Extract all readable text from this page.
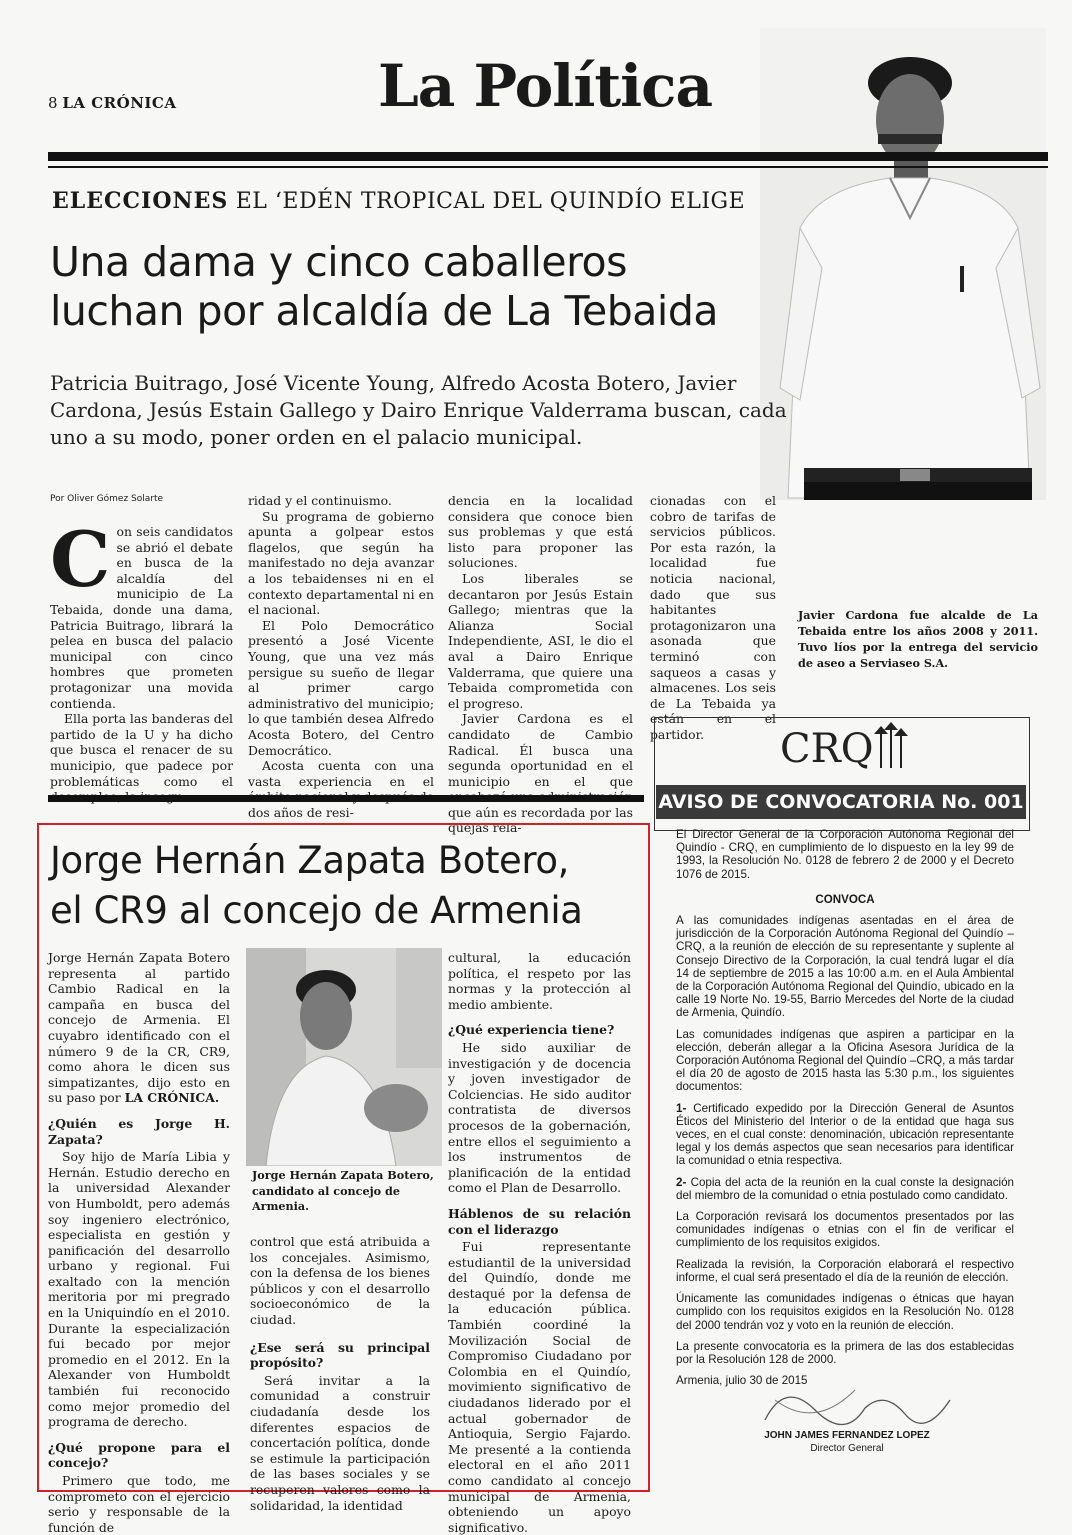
8 LA CRÓNICA	La Política
ELECCIONES EL ‘EDÉN TROPICAL DEL QUINDÍO ELIGE
Una dama y cinco caballeros
luchan por alcaldía de La Tebaida
Patricia Buitrago, José Vicente Young, Alfredo Acosta Botero, Javier Cardona, Jesús Estain Gallego y Dairo Enrique Valderrama buscan, cada uno a su modo, poner orden en el palacio municipal.
Por Oliver Gómez Solarte

Con seis candidatos se abrió el debate en busca de la alcaldía del municipio de La Tebaida, donde una dama, Patricia Buitrago, librará la pelea en busca del palacio municipal con cinco hombres que prometen protagonizar una movida contienda.

Ella porta las banderas del partido de la U y ha dicho que busca el renacer de su municipio, que padece por problemáticas como el

ridad y el continuismo.

Su programa de gobierno apunta a golpear estos flagelos, que según ha manifestado no deja avanzar a los tebaidenses ni en el contexto departamental ni en el nacional.

El Polo Democrático presentó a José Vicente Young, que una vez más persigue su sueño de llegar al primer cargo administrativo del municipio; lo que también desea Alfredo Acosta Botero, del Centro Democrático.

Acosta cuenta con una vasta experiencia en el dos años de resi-

dencia en la localidad considera que conoce bien sus problemas y que está listo para proponer las soluciones.

Los liberales se decantaron por Jesús Estain Gallego; mientras que la Alianza Social Independiente, ASI, le dio el aval a Dairo Enrique Valderrama, que quiere una Tebaida comprometida con el progreso.

Javier Cardona es el candidato de Cambio Radical. Él busca una segunda oportunidad en el municipio en el que que aún es recordada por las quejas rela-

cionadas con el cobro de tarifas de servicios públicos. Por esta razón, la localidad fue noticia nacional, dado que sus habitantes protagonizaron una asonada que terminó con saqueos a casas y almacenes. Los seis de La Tebaida ya están en el partidor.

Javier Cardona fue alcalde de La Tebaida entre los años 2008 y 2011. Tuvo líos por la entrega del servicio de aseo a Serviaseo S.A.
Jorge Hernán Zapata Botero,
el CR9 al concejo de Armenia

Jorge Hernán Zapata Botero representa al partido Cambio Radical en la campaña en busca del concejo de Armenia. El cuyabro identificado con el número 9 de la CR, CR9, como ahora le dicen sus simpatizantes, dijo esto en su paso por LA CRÓNICA.

¿Quién es Jorge H. Zapata?

Soy hijo de María Libia y Hernán. Estudio derecho en la universidad Alexander von Humboldt, pero además soy ingeniero electrónico, especialista en gestión y panificación del desarrollo urbano y regional. Fui exaltado con la mención meritoria por mi pregrado en la Uniquindío en el 2010. Durante la especialización fui becado por mejor promedio en el 2012. En la Alexander von Humboldt también fui reconocido como mejor promedio del programa de derecho.

¿Qué propone para el concejo?

Primero que todo, me comprometo con el ejercicio serio y responsable de la función de

Jorge Hernán Zapata Botero, candidato al concejo de Armenia.

control que está atribuida a los concejales. Asimismo, con la defensa de los bienes públicos y con el desarrollo socioeconómico de la ciudad.

¿Ese será su principal propósito?

Será invitar a la comunidad a construir ciudadanía desde los diferentes espacios de concertación política, donde se estimule la participación de las bases sociales y se recuperen valores como la solidaridad, la identidad

cultural, la educación política, el respeto por las normas y la protección al medio ambiente.

¿Qué experiencia tiene?

He sido auxiliar de investigación y de docencia y joven investigador de Colciencias. He sido auditor contratista de diversos procesos de la gobernación, entre ellos el seguimiento a los instrumentos de planificación de la entidad como el Plan de Desarrollo.

Háblenos de su relación con el liderazgo

Fui representante estudiantil de la universidad del Quindío, donde me destaqué por la defensa de la educación pública. También coordiné la Movilización Social de Compromiso Ciudadano por Colombia en el Quindío, movimiento significativo de ciudadanos liderado por el actual gobernador de Antioquia, Sergio Fajardo. Me presenté a la contienda electoral en el año 2011 como candidato al concejo municipal de Armenia, obteniendo un apoyo significativo.

CRQ
AVISO DE CONVOCATORIA No. 001

El Director General de la Corporación Autónoma Regional del Quindío - CRQ, en cumplimiento de lo dispuesto en la ley 99 de 1993, la Resolución No. 0128 de febrero 2 de 2000 y el Decreto 1076 de 2015.

CONVOCA

A las comunidades indígenas asentadas en el área de jurisdicción de la Corporación Autónoma Regional del Quindío – CRQ, a la reunión de elección de su representante y suplente al Consejo Directivo de la Corporación, la cual tendrá lugar el día 14 de septiembre de 2015 a las 10:00 a.m. en el Aula Ambiental de la Corporación Autónoma Regional del Quindío, ubicado en la calle 19 Norte No. 19-55, Barrio Mercedes del Norte de la ciudad de Armenia, Quindío.

Las comunidades indígenas que aspiren a participar en la elección, deberán allegar a la Oficina Asesora Jurídica de la Corporación Autónoma Regional del Quindío –CRQ, a más tardar el día 20 de agosto de 2015 hasta las 5:30 p.m., los siguientes documentos:

1- Certificado expedido por la Dirección General de Asuntos Éticos del Ministerio del Interior o de la entidad que haga sus veces, en el cual conste: denominación, ubicación representante legal y los demás aspectos que sean necesarios para identificar la comunidad o etnia respectiva.

2- Copia del acta de la reunión en la cual conste la designación del miembro de la comunidad o etnia postulado como candidato.

La Corporación revisará los documentos presentados por las comunidades indígenas o etnias con el fin de verificar el cumplimiento de los requisitos exigidos.

Realizada la revisión, la Corporación elaborará el respectivo informe, el cual será presentado el día de la reunión de elección.

Únicamente las comunidades indígenas o étnicas que hayan cumplido con los requisitos exigidos en la Resolución No. 0128 del 2000 tendrán voz y voto en la reunión de elección.

La presente convocatoria es la primera de las dos establecidas por la Resolución 128 de 2000.

Armenia, julio 30 de 2015

JOHN JAMES FERNANDEZ LOPEZ
Director General
